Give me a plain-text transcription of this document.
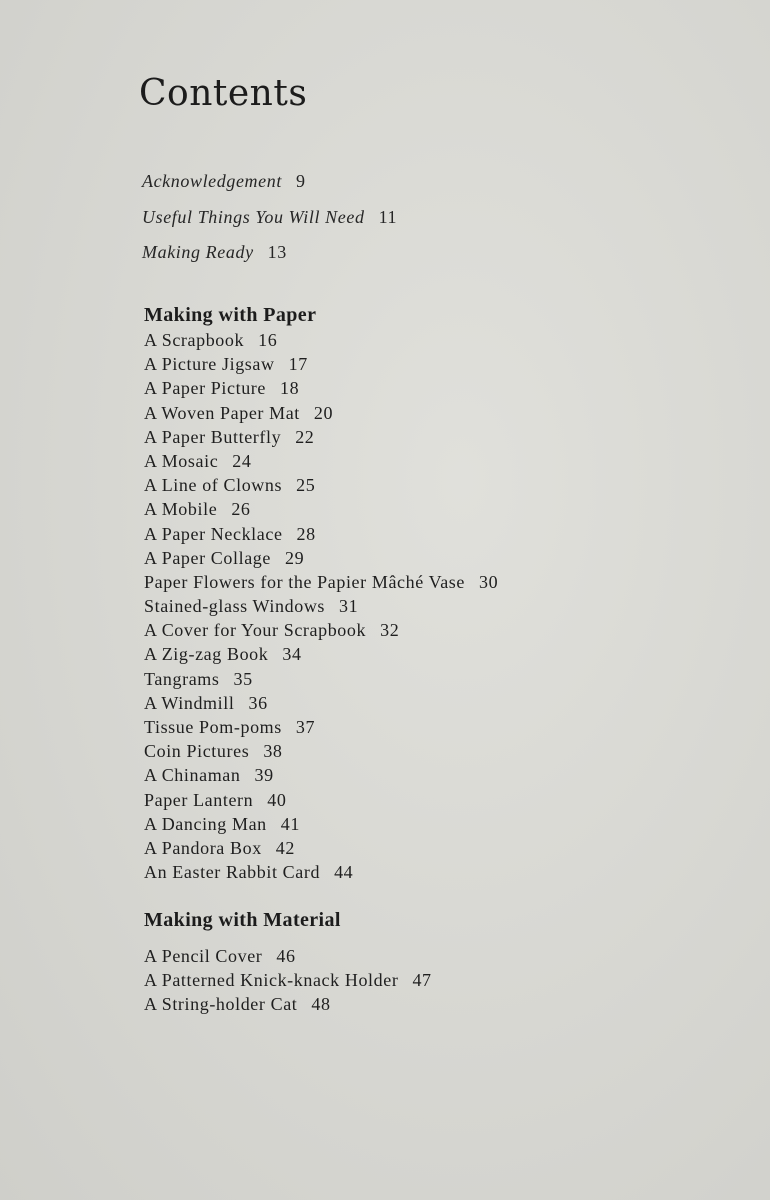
Contents
Acknowledgement 9
Useful Things You Will Need 11
Making Ready 13
Making with Paper
A Scrapbook 16
A Picture Jigsaw 17
A Paper Picture 18
A Woven Paper Mat 20
A Paper Butterfly 22
A Mosaic 24
A Line of Clowns 25
A Mobile 26
A Paper Necklace 28
A Paper Collage 29
Paper Flowers for the Papier Mâché Vase 30
Stained-glass Windows 31
A Cover for Your Scrapbook 32
A Zig-zag Book 34
Tangrams 35
A Windmill 36
Tissue Pom-poms 37
Coin Pictures 38
A Chinaman 39
Paper Lantern 40
A Dancing Man 41
A Pandora Box 42
An Easter Rabbit Card 44
Making with Material
A Pencil Cover 46
A Patterned Knick-knack Holder 47
A String-holder Cat 48
